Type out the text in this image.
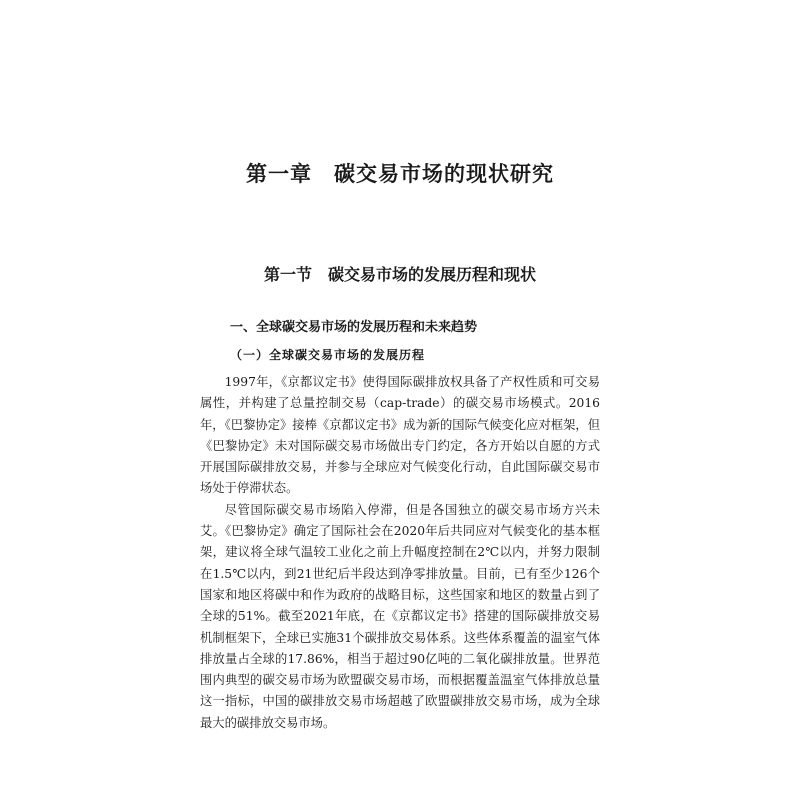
第一章　碳交易市场的现状研究
第一节　碳交易市场的发展历程和现状
一、全球碳交易市场的发展历程和未来趋势
（一）全球碳交易市场的发展历程

1997年，《京都议定书》使得国际碳排放权具备了产权性质和可交易属性，并构建了总量控制交易（cap-trade）的碳交易市场模式。2016年，《巴黎协定》接棒《京都议定书》成为新的国际气候变化应对框架，但《巴黎协定》未对国际碳交易市场做出专门约定，各方开始以自愿的方式开展国际碳排放交易，并参与全球应对气候变化行动，自此国际碳交易市场处于停滞状态。

尽管国际碳交易市场陷入停滞，但是各国独立的碳交易市场方兴未艾。《巴黎协定》确定了国际社会在2020年后共同应对气候变化的基本框架，建议将全球气温较工业化之前上升幅度控制在2℃以内，并努力限制在1.5℃以内，到21世纪后半段达到净零排放量。目前，已有至少126个国家和地区将碳中和作为政府的战略目标，这些国家和地区的数量占到了全球的51%。截至2021年底，在《京都议定书》搭建的国际碳排放交易机制框架下，全球已实施31个碳排放交易体系。这些体系覆盖的温室气体排放量占全球的17.86%，相当于超过90亿吨的二氧化碳排放量。世界范围内典型的碳交易市场为欧盟碳交易市场，而根据覆盖温室气体排放总量这一指标，中国的碳排放交易市场超越了欧盟碳排放交易市场，成为全球最大的碳排放交易市场。
